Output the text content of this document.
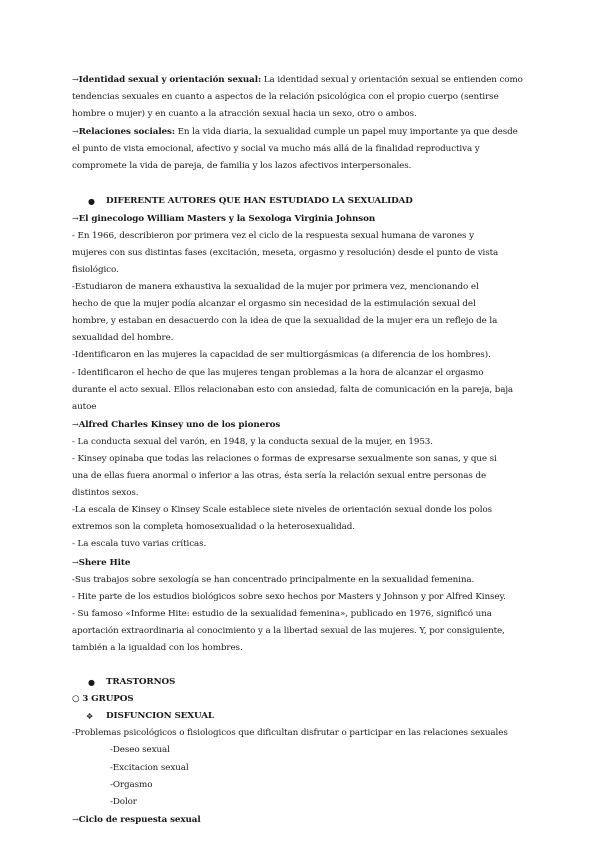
→Identidad sexual y orientación sexual: La identidad sexual y orientación sexual se entienden como
tendencias sexuales en cuanto a aspectos de la relación psicológica con el propio cuerpo (sentirse
hombre o mujer) y en cuanto a la atracción sexual hacia un sexo, otro o ambos.
→Relaciones sociales: En la vida diaria, la sexualidad cumple un papel muy importante ya que desde
el punto de vista emocional, afectivo y social va mucho más allá de la finalidad reproductiva y
compromete la vida de pareja, de familia y los lazos afectivos interpersonales.
● DIFERENTE AUTORES QUE HAN ESTUDIADO LA SEXUALIDAD
→El ginecologo William Masters y la Sexologa Virginia Johnson
- En 1966, describieron por primera vez el ciclo de la respuesta sexual humana de varones y
mujeres con sus distintas fases (excitación, meseta, orgasmo y resolución) desde el punto de vista
fisiológico.
-Estudiaron de manera exhaustiva la sexualidad de la mujer por primera vez, mencionando el
hecho de que la mujer podía alcanzar el orgasmo sin necesidad de la estimulación sexual del
hombre, y estaban en desacuerdo con la idea de que la sexualidad de la mujer era un reflejo de la
sexualidad del hombre.
-Identificaron en las mujeres la capacidad de ser multiorgásmicas (a diferencia de los hombres).
- Identificaron el hecho de que las mujeres tengan problemas a la hora de alcanzar el orgasmo
durante el acto sexual. Ellos relacionaban esto con ansiedad, falta de comunicación en la pareja, baja
autoe
→Alfred Charles Kinsey uno de los pioneros
- La conducta sexual del varón, en 1948, y la conducta sexual de la mujer, en 1953.
- Kinsey opinaba que todas las relaciones o formas de expresarse sexualmente son sanas, y que si
una de ellas fuera anormal o inferior a las otras, ésta sería la relación sexual entre personas de
distintos sexos.
-La escala de Kinsey o Kinsey Scale establece siete niveles de orientación sexual donde los polos
extremos son la completa homosexualidad o la heterosexualidad.
- La escala tuvo varias críticas.
→Shere Hite
-Sus trabajos sobre sexología se han concentrado principalmente en la sexualidad femenina.
- Hite parte de los estudios biológicos sobre sexo hechos por Masters y Johnson y por Alfred Kinsey.
- Su famoso «Informe Hite: estudio de la sexualidad femenina», publicado en 1976, significó una
aportación extraordinaria al conocimiento y a la libertad sexual de las mujeres. Y, por consiguiente,
también a la igualdad con los hombres.
● TRASTORNOS
○ 3 GRUPOS
❖ DISFUNCION SEXUAL
-Problemas psicológicos o fisiologicos que dificultan disfrutar o participar en las relaciones sexuales
-Deseo sexual
-Excitacion sexual
-Orgasmo
-Dolor
→Ciclo de respuesta sexual
